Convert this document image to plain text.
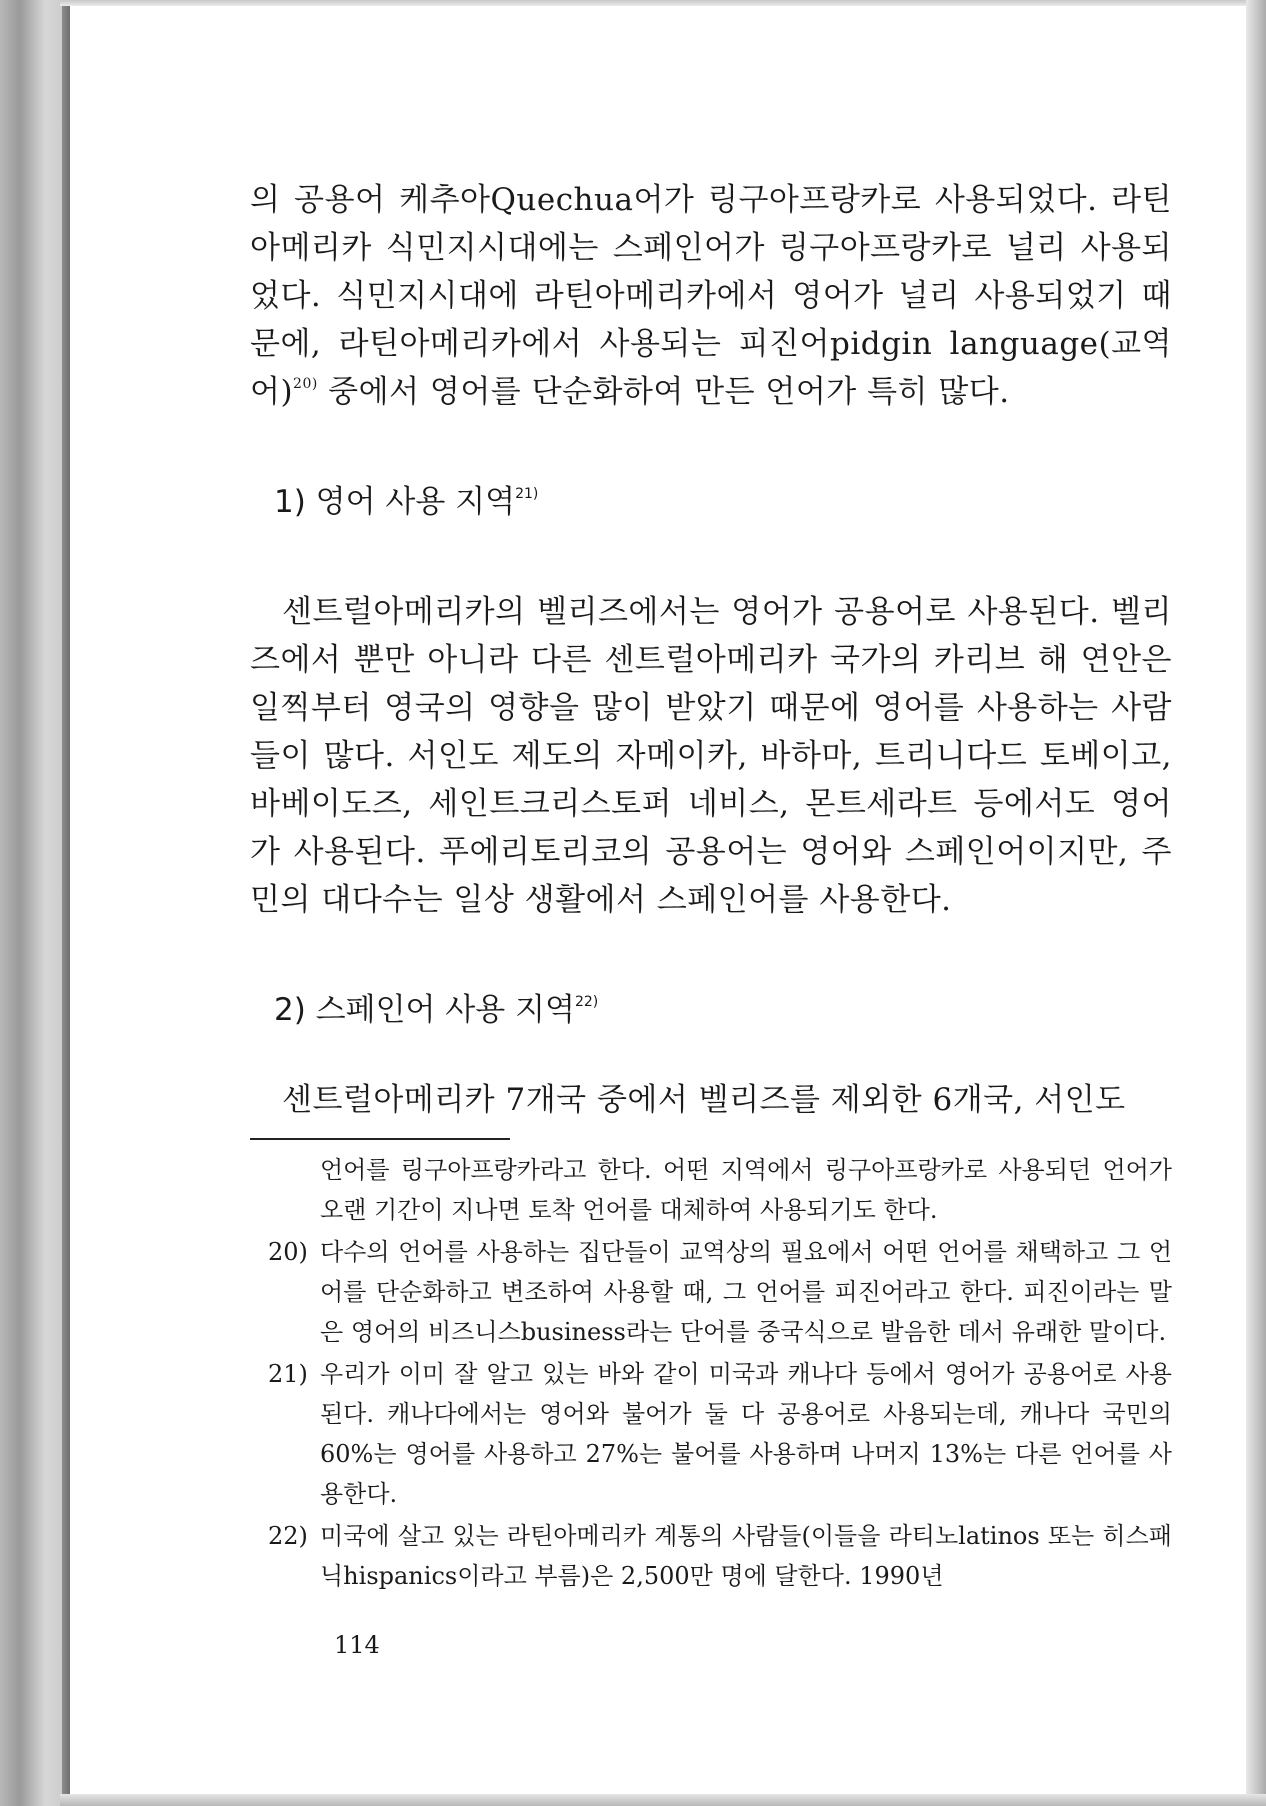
의 공용어 케추아Quechua어가 링구아프랑카로 사용되었다. 라틴아메리카 식민지시대에는 스페인어가 링구아프랑카로 널리 사용되었다. 식민지시대에 라틴아메리카에서 영어가 널리 사용되었기 때문에, 라틴아메리카에서 사용되는 피진어pidgin language(교역어)$^{20)}$ 중에서 영어를 단순화하여 만든 언어가 특히 많다.

1) 영어 사용 지역$^{21)}$

센트럴아메리카의 벨리즈에서는 영어가 공용어로 사용된다. 벨리즈에서 뿐만 아니라 다른 센트럴아메리카 국가의 카리브 해 연안은 일찍부터 영국의 영향을 많이 받았기 때문에 영어를 사용하는 사람들이 많다. 서인도 제도의 자메이카, 바하마, 트리니다드 토베이고, 바베이도즈, 세인트크리스토퍼 네비스, 몬트세라트 등에서도 영어가 사용된다. 푸에리토리코의 공용어는 영어와 스페인어이지만, 주민의 대다수는 일상 생활에서 스페인어를 사용한다.

2) 스페인어 사용 지역$^{22)}$

센트럴아메리카 7개국 중에서 벨리즈를 제외한 6개국, 서인도

언어를 링구아프랑카라고 한다. 어떤 지역에서 링구아프랑카로 사용되던 언어가 오랜 기간이 지나면 토착 언어를 대체하여 사용되기도 한다.

20) 다수의 언어를 사용하는 집단들이 교역상의 필요에서 어떤 언어를 채택하고 그 언어를 단순화하고 변조하여 사용할 때, 그 언어를 피진어라고 한다. 피진이라는 말은 영어의 비즈니스business라는 단어를 중국식으로 발음한 데서 유래한 말이다.
21) 우리가 이미 잘 알고 있는 바와 같이 미국과 캐나다 등에서 영어가 공용어로 사용된다. 캐나다에서는 영어와 불어가 둘 다 공용어로 사용되는데, 캐나다 국민의 60%는 영어를 사용하고 27%는 불어를 사용하며 나머지 13%는 다른 언어를 사용한다.
22) 미국에 살고 있는 라틴아메리카 계통의 사람들(이들을 라티노latinos 또는 히스패닉hispanics이라고 부름)은 2,500만 명에 달한다. 1990년
114
